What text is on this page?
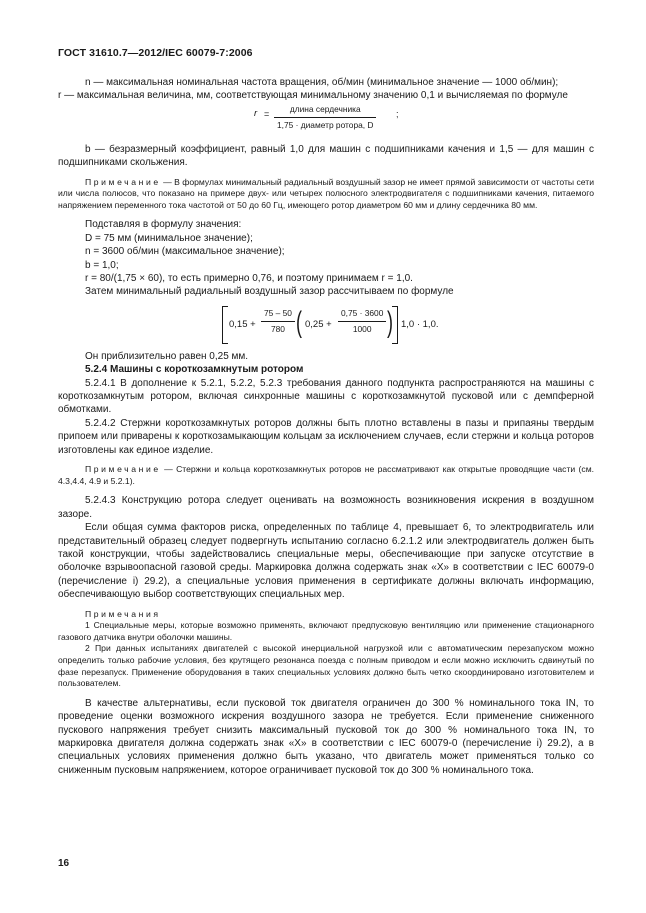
ГОСТ 31610.7—2012/IEC 60079-7:2006

n — максимальная номинальная частота вращения, об/мин (минимальное значение — 1000 об/мин);

r — максимальная величина, мм, соответствующая минимальному значению 0,1 и вычисляемая по формуле

r =	длина сердечника
1,75 · диаметр ротора, D
;

b — безразмерный коэффициент, равный 1,0 для машин с подшипниками качения и 1,5 — для машин с подшипниками скольжения.

Примечание — В формулах минимальный радиальный воздушный зазор не имеет прямой зависимости от частоты сети или числа полюсов, что показано на примере двух- или четырех полюсного электродвигателя с подшипниками качения, питаемого напряжением переменного тока частотой от 50 до 60 Гц, имеющего ротор диаметром 60 мм и длину сердечника 80 мм.

Подставляя в формулу значения:

D = 75 мм (минимальное значение);

n = 3600 об/мин (максимальное значение);

b = 1,0;

r = 80/(1,75 × 60), то есть примерно 0,76, и поэтому принимаем r = 1,0.

Затем минимальный радиальный воздушный зазор рассчитываем по формуле

$0,15 + \frac{75 - 50}{780}$ ( $0,25 + \frac{0,75 \cdot 3600}{1000}$ ) 1,0 · 1,0.

Он приблизительно равен 0,25 мм.

5.2.4 Машины с короткозамкнутым ротором

5.2.4.1 В дополнение к 5.2.1, 5.2.2, 5.2.3 требования данного подпункта распространяются на машины с короткозамкнутым ротором, включая синхронные машины с короткозамкнутой пусковой или с демпферной обмотками.

5.2.4.2 Стержни короткозамкнутых роторов должны быть плотно вставлены в пазы и припаяны твердым припоем или приварены к короткозамыкающим кольцам за исключением случаев, если стержни и кольца роторов изготовлены как единое изделие.

Примечание — Стержни и кольца короткозамкнутых роторов не рассматривают как открытые проводящие части (см. 4.3,4.4, 4.9 и 5.2.1).

5.2.4.3 Конструкцию ротора следует оценивать на возможность возникновения искрения в воздушном зазоре.

Если общая сумма факторов риска, определенных по таблице 4, превышает 6, то электродвигатель или представительный образец следует подвергнуть испытанию согласно 6.2.1.2 или электродвигатель должен быть такой конструкции, чтобы задействовались специальные меры, обеспечивающие при запуске отсутствие в оболочке взрывоопасной газовой среды. Маркировка должна содержать знак «X» в соответствии с IEC 60079-0 (перечисление i) 29.2), а специальные условия применения в сертификате должны включать информацию, обеспечивающую выбор соответствующих специальных мер.

Примечания

1 Специальные меры, которые возможно применять, включают предпусковую вентиляцию или применение стационарного газового датчика внутри оболочки машины.

2 При данных испытаниях двигателей с высокой инерциальной нагрузкой или с автоматическим перезапуском можно определить только рабочие условия, без крутящего резонанса поезда с полным приводом и если можно исключить сдвинутый по фазе перезапуск. Применение оборудования в таких специальных условиях должно быть четко скоординировано изготовителем и пользователем.

В качестве альтернативы, если пусковой ток двигателя ограничен до 300 % номинального тока IN, то проведение оценки возможного искрения воздушного зазора не требуется. Если применение сниженного пускового напряжения требует снизить максимальный пусковой ток до 300 % номинального тока IN, то маркировка двигателя должна содержать знак «X» в соответствии с IEC 60079-0 (перечисление i) 29.2), а в специальных условиях применения должно быть указано, что двигатель может применяться только со сниженным пусковым напряжением, которое ограничивает пусковой ток до 300 % номинального тока.

16
